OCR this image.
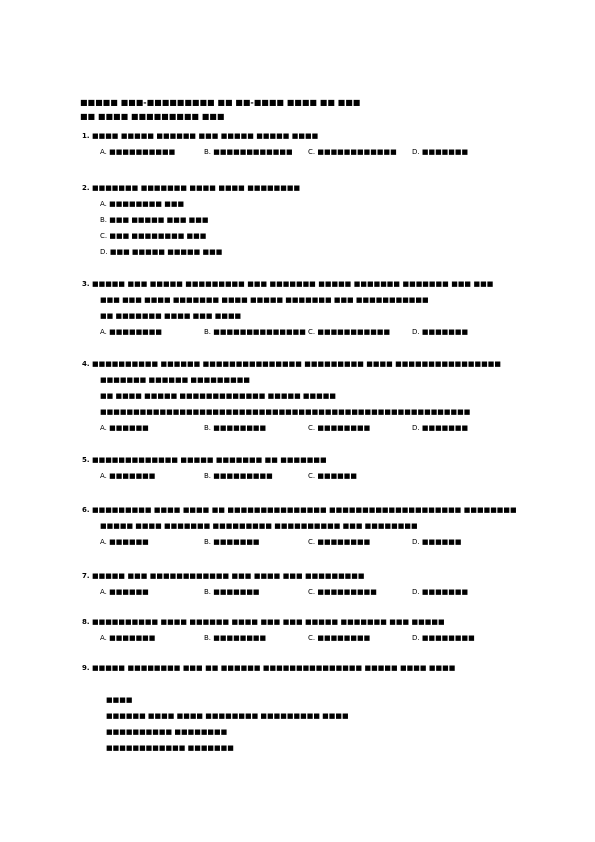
■■■■■ ■■■-■■■■■■■■■ ■■ ■■-■■■■ ■■■■ ■■ ■■■
■■ ■■■■ ■■■■■■■■■ ■■■
1. ■■■■ ■■■■■ ■■■■■■ ■■■ ■■■■■ ■■■■■ ■■■■
A. ■■■■■■■■■■	B. ■■■■■■■■■■■■	C. ■■■■■■■■■■■■	D. ■■■■■■■
2. ■■■■■■■ ■■■■■■■ ■■■■ ■■■■ ■■■■■■■■
A. ■■■■■■■■ ■■■
B. ■■■ ■■■■■ ■■■ ■■■
C. ■■■ ■■■■■■■■ ■■■
D. ■■■ ■■■■■ ■■■■■ ■■■
3. ■■■■■ ■■■ ■■■■■ ■■■■■■■■■ ■■■ ■■■■■■■ ■■■■■ ■■■■■■■ ■■■■■■■ ■■■ ■■■
■■■ ■■■ ■■■■ ■■■■■■■ ■■■■ ■■■■■ ■■■■■■■ ■■■ ■■■■■■■■■■■
■■ ■■■■■■■ ■■■■ ■■■ ■■■■
A. ■■■■■■■■	B. ■■■■■■■■■■■■■■ C. ■■■■■■■■■■■	D. ■■■■■■■
4. ■■■■■■■■■■ ■■■■■■ ■■■■■■■■■■■■■■■ ■■■■■■■■■ ■■■■ ■■■■■■■■■■■■■■■■
■■■■■■■ ■■■■■■ ■■■■■■■■■
■■ ■■■■ ■■■■■ ■■■■■■■■■■■■■ ■■■■■ ■■■■■
■■■■■■■■■■■■■■■■■■■■■■■■■■■■■■■■■■■■■■■■■■■■■■■■■■■■■■■■
A. ■■■■■■	B. ■■■■■■■■	C. ■■■■■■■■	D. ■■■■■■■
5. ■■■■■■■■■■■■■ ■■■■■ ■■■■■■■ ■■ ■■■■■■■
A. ■■■■■■■	B. ■■■■■■■■■	C. ■■■■■■
6. ■■■■■■■■■ ■■■■ ■■■■ ■■ ■■■■■■■■■■■■■■■ ■■■■■■■■■■■■■■■■■■■■ ■■■■■■■■
■■■■■ ■■■■ ■■■■■■■ ■■■■■■■■■ ■■■■■■■■■■ ■■■ ■■■■■■■■
A. ■■■■■■	B. ■■■■■■■	C. ■■■■■■■■	D. ■■■■■■
7. ■■■■■ ■■■ ■■■■■■■■■■■■ ■■■ ■■■■ ■■■ ■■■■■■■■■
A. ■■■■■■	B. ■■■■■■■	C. ■■■■■■■■■	D. ■■■■■■■
8. ■■■■■■■■■■ ■■■■ ■■■■■■ ■■■■ ■■■ ■■■ ■■■■■ ■■■■■■■ ■■■ ■■■■■
A. ■■■■■■■	B. ■■■■■■■■	C. ■■■■■■■■	D. ■■■■■■■■
9. ■■■■■ ■■■■■■■■ ■■■ ■■ ■■■■■■ ■■■■■■■■■■■■■■■ ■■■■■ ■■■■ ■■■■
■■■■
■■■■■■ ■■■■ ■■■■ ■■■■■■■■ ■■■■■■■■■ ■■■■
■■■■■■■■■■ ■■■■■■■■
■■■■■■■■■■■■ ■■■■■■■
